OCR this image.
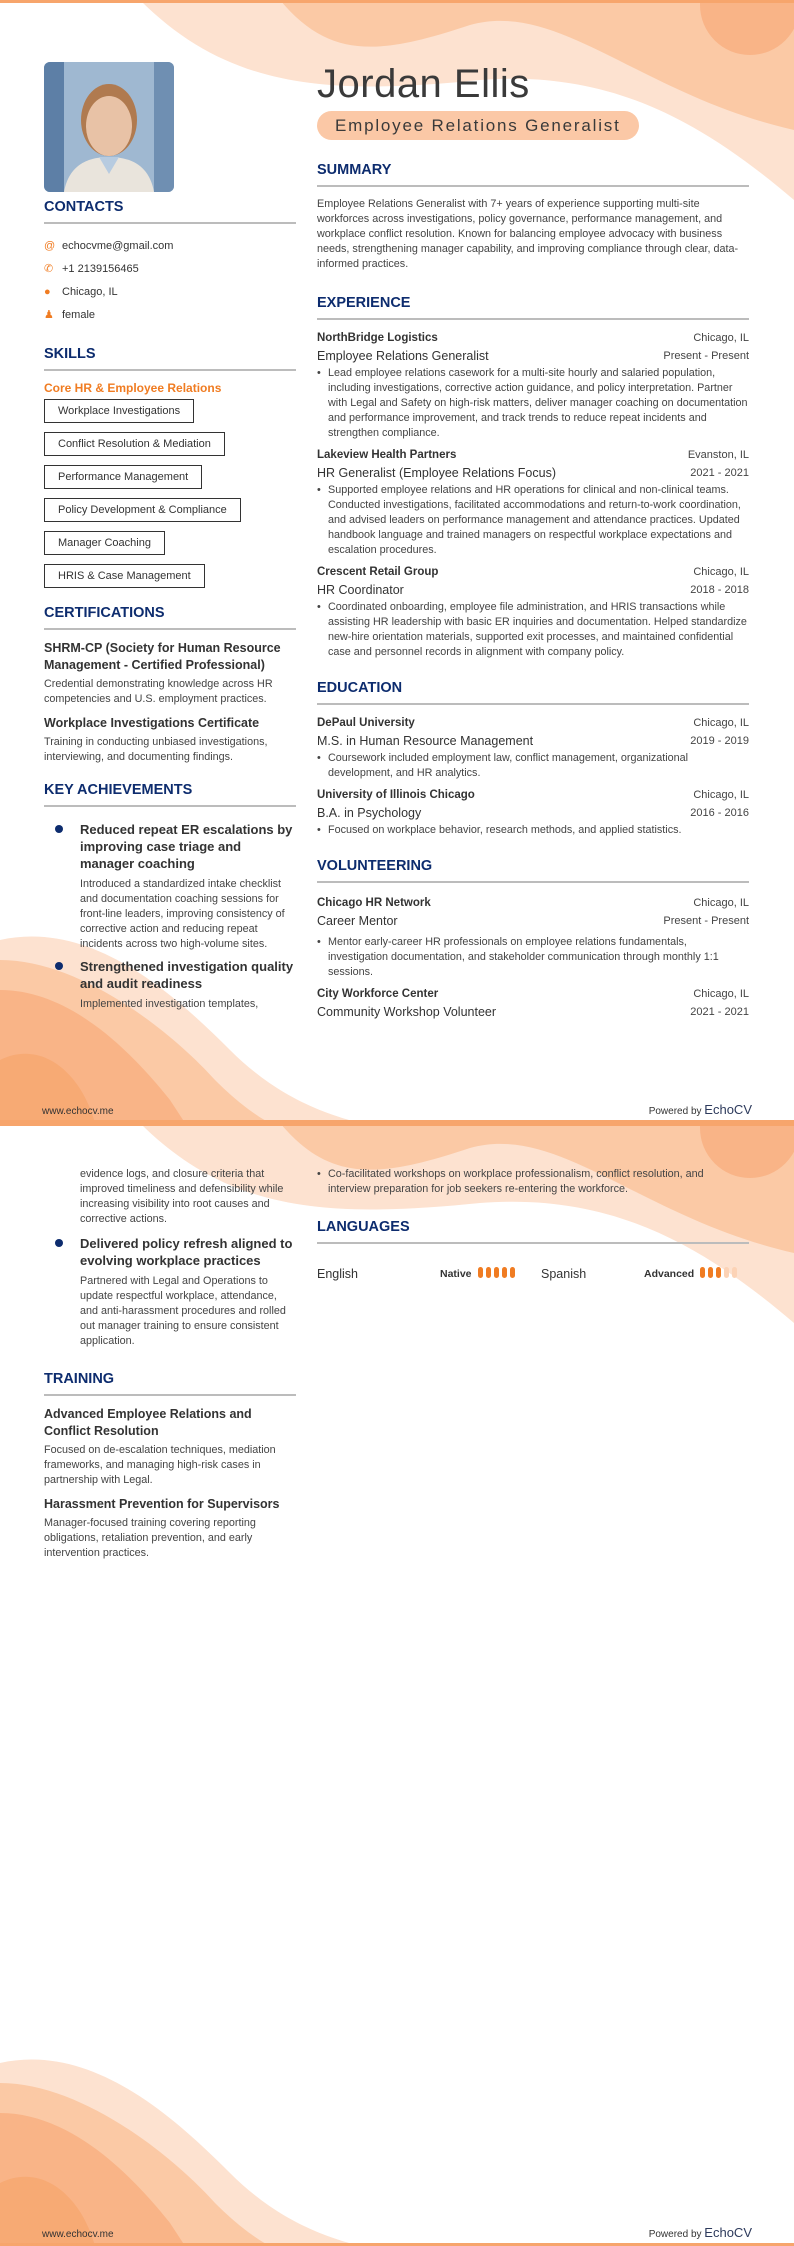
Jordan Ellis
Employee Relations Generalist
CONTACTS
@ echocvme@gmail.com
✆ +1 2139156465
●	Chicago, IL
♟ female
SKILLS
Core HR & Employee Relations
Workplace Investigations
Conflict Resolution & Mediation
Performance Management
Policy Development & Compliance
Manager Coaching
HRIS & Case Management
CERTIFICATIONS
SHRM-CP (Society for Human Resource Management - Certified Professional)
Credential demonstrating knowledge across HR competencies and U.S. employment practices.
Workplace Investigations Certificate
Training in conducting unbiased investigations, interviewing, and documenting findings.
KEY ACHIEVEMENTS
Reduced repeat ER escalations by improving case triage and manager coaching
Introduced a standardized intake checklist and documentation coaching sessions for front-line leaders, improving consistency of corrective action and reducing repeat incidents across two high-volume sites.
Strengthened investigation quality and audit readiness
Implemented investigation templates,
SUMMARY
Employee Relations Generalist with 7+ years of experience supporting multi-site workforces across investigations, policy governance, performance management, and workplace conflict resolution. Known for balancing employee advocacy with business needs, strengthening manager capability, and improving compliance through clear, data-informed practices.
EXPERIENCE
NorthBridge Logistics	Chicago, IL
Employee Relations Generalist	Present - Present
• Lead employee relations casework for a multi-site hourly and salaried population, including investigations, corrective action guidance, and policy interpretation. Partner with Legal and Safety on high-risk matters, deliver manager coaching on documentation and performance improvement, and track trends to reduce repeat incidents and strengthen compliance.
Lakeview Health Partners	Evanston, IL
HR Generalist (Employee Relations Focus)	2021 - 2021
• Supported employee relations and HR operations for clinical and non-clinical teams. Conducted investigations, facilitated accommodations and return-to-work coordination, and advised leaders on performance management and attendance practices. Updated handbook language and trained managers on respectful workplace expectations and escalation procedures.
Crescent Retail Group	Chicago, IL
HR Coordinator	2018 - 2018
• Coordinated onboarding, employee file administration, and HRIS transactions while assisting HR leadership with basic ER inquiries and documentation. Helped standardize new-hire orientation materials, supported exit processes, and maintained confidential case and personnel records in alignment with company policy.
EDUCATION
DePaul University	Chicago, IL
M.S. in Human Resource Management	2019 - 2019
• Coursework included employment law, conflict management, organizational development, and HR analytics.
University of Illinois Chicago	Chicago, IL
B.A. in Psychology	2016 - 2016
• Focused on workplace behavior, research methods, and applied statistics.
VOLUNTEERING
Chicago HR Network	Chicago, IL
Career Mentor	Present - Present
• Mentor early-career HR professionals on employee relations fundamentals, investigation documentation, and stakeholder communication through monthly 1:1 sessions.
City Workforce Center	Chicago, IL
Community Workshop Volunteer	2021 - 2021
www.echocv.me	Powered by EchoCV
evidence logs, and closure criteria that improved timeliness and defensibility while increasing visibility into root causes and corrective actions.
Delivered policy refresh aligned to evolving workplace practices
Partnered with Legal and Operations to update respectful workplace, attendance, and anti-harassment procedures and rolled out manager training to ensure consistent application.
TRAINING
Advanced Employee Relations and Conflict Resolution
Focused on de-escalation techniques, mediation frameworks, and managing high-risk cases in partnership with Legal.
Harassment Prevention for Supervisors
Manager-focused training covering reporting obligations, retaliation prevention, and early intervention practices.
• Co-facilitated workshops on workplace professionalism, conflict resolution, and interview preparation for job seekers re-entering the workforce.
LANGUAGES
English	Native	Spanish	Advanced
www.echocv.me	Powered by EchoCV
